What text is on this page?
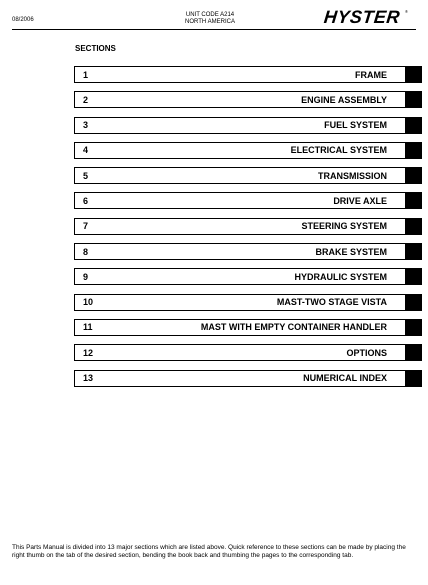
08/2006
UNIT CODE A214
NORTH AMERICA	HYSTER ®
SECTIONS
1	FRAME
2	ENGINE ASSEMBLY
3	FUEL SYSTEM
4	ELECTRICAL SYSTEM
5	TRANSMISSION
6	DRIVE AXLE
7	STEERING SYSTEM
8	BRAKE SYSTEM
9	HYDRAULIC SYSTEM
10	MAST-TWO STAGE VISTA
11	MAST WITH EMPTY CONTAINER HANDLER
12	OPTIONS
13	NUMERICAL INDEX
This Parts Manual is divided into 13 major sections which are listed above. Quick reference to these sections can be made by placing the right thumb on the tab of the desired section, bending the book back and thumbing the pages to the corresponding tab.
